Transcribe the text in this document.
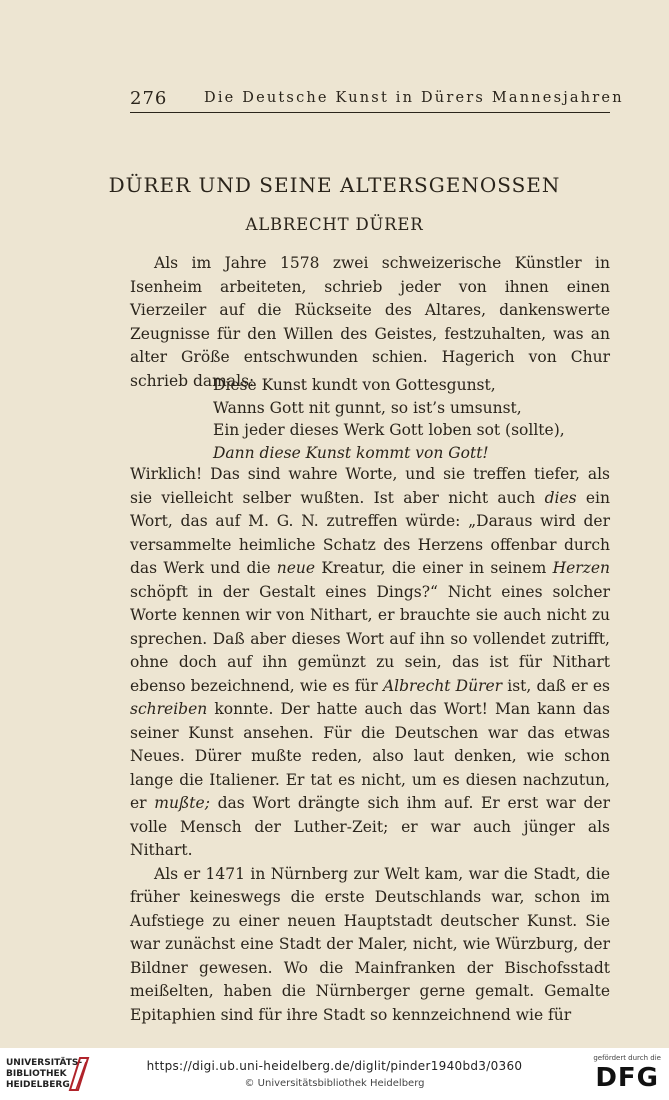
276	Die Deutsche Kunst in Dürers Mannesjahren
DÜRER UND SEINE ALTERSGENOSSEN
ALBRECHT DÜRER

Als im Jahre 1578 zwei schweizerische Künstler in Isenheim arbeiteten, schrieb jeder von ihnen einen Vierzeiler auf die Rückseite des Altares, dankenswerte Zeugnisse für den Willen des Geistes, festzuhalten, was an alter Größe entschwunden schien. Hagerich von Chur schrieb damals:

Diese Kunst kundt von Gottesgunst,
Wanns Gott nit gunnt, so ist’s umsunst,
Ein jeder dieses Werk Gott loben sot (sollte),
Dann diese Kunst kommt von Gott!

Wirklich! Das sind wahre Worte, und sie treffen tiefer, als sie vielleicht selber wußten. Ist aber nicht auch dies ein Wort, das auf M. G. N. zutreffen würde: „Daraus wird der versammelte heimliche Schatz des Herzens offenbar durch das Werk und die neue Kreatur, die einer in seinem Herzen schöpft in der Gestalt eines Dings?“ Nicht eines solcher Worte kennen wir von Nithart, er brauchte sie auch nicht zu sprechen. Daß aber dieses Wort auf ihn so vollendet zutrifft, ohne doch auf ihn gemünzt zu sein, das ist für Nithart ebenso bezeichnend, wie es für Albrecht Dürer ist, daß er es schreiben konnte. Der hatte auch das Wort! Man kann das seiner Kunst ansehen. Für die Deutschen war das etwas Neues. Dürer mußte reden, also laut denken, wie schon lange die Italiener. Er tat es nicht, um es diesen nachzutun, er mußte; das Wort drängte sich ihm auf. Er erst war der volle Mensch der Luther-Zeit; er war auch jünger als Nithart.

Als er 1471 in Nürnberg zur Welt kam, war die Stadt, die früher keineswegs die erste Deutschlands war, schon im Aufstiege zu einer neuen Hauptstadt deutscher Kunst. Sie war zunächst eine Stadt der Maler, nicht, wie Würzburg, der Bildner gewesen. Wo die Mainfranken der Bischofsstadt meißelten, haben die Nürnberger gerne gemalt. Gemalte Epitaphien sind für ihre Stadt so kennzeichnend wie für

UNIVERSITÄTS-
BIBLIOTHEK
HEIDELBERG
https://digi.ub.uni-heidelberg.de/diglit/pinder1940bd3/0360
© Universitätsbibliothek Heidelberg
gefördert durch die
DFG
